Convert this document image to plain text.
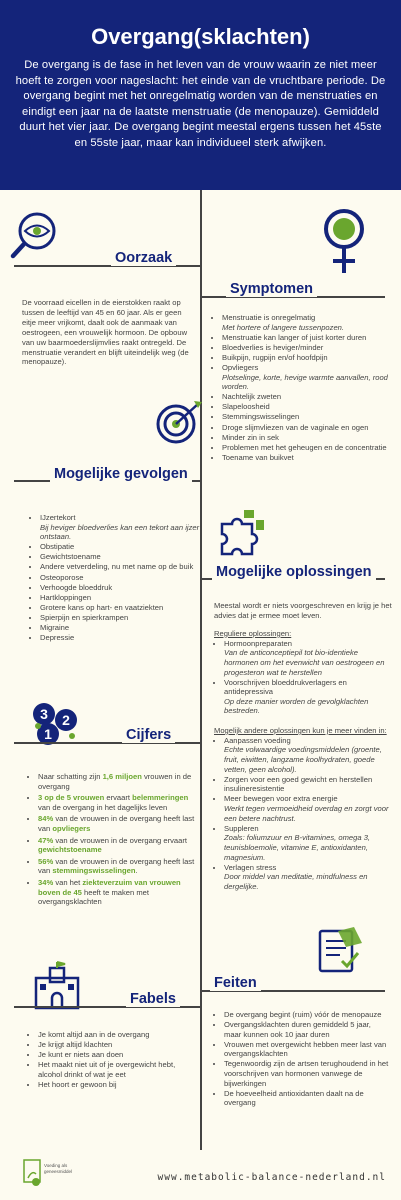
Overgang(sklachten)

De overgang is de fase in het leven van de vrouw waarin ze niet meer hoeft te zorgen voor nageslacht: het einde van de vruchtbare periode. De overgang begint met het onregelmatig worden van de menstruaties en eindigt een jaar na de laatste menstruatie (de menopauze). Gemiddeld duurt het vier jaar. De overgang begint meestal ergens tussen het 45ste en 55ste jaar, maar kan individueel sterk afwijken.

Oorzaak
De voorraad eicellen in de eierstokken raakt op tussen de leeftijd van 45 en 60 jaar. Als er geen eitje meer vrijkomt, daalt ook de aanmaak van oestrogeen, een vrouwelijk hormoon. De opbouw van uw baarmoederslijmvlies raakt ontregeld. De menstruatie verandert en blijft uiteindelijk weg (de menopauze).
Symptomen
• Menstruatie is onregelmatig
Met hortere of langere tussenpozen.
• Menstruatie kan langer of juist korter duren
• Bloedverlies is heviger/minder
• Buikpijn, rugpijn en/of hoofdpijn
• Opvliegers
Plotselinge, korte, hevige warmte aanvallen, rood worden.
• Nachtelijk zweten
• Slapeloosheid
• Stemmingswisselingen
• Droge slijmvliezen van de vaginale en ogen
• Minder zin in sek
• Problemen met het geheugen en de concentratie
• Toename van buikvet
Mogelijke gevolgen
• IJzertekort
Bij heviger bloedverlies kan een tekort aan ijzer ontstaan.
• Obstipatie
• Gewichtstoename
• Andere vetverdeling, nu met name op de buik
• Osteoporose
• Verhoogde bloeddruk
• Hartkloppingen
• Grotere kans op hart- en vaatziekten
• Spierpijn en spierkrampen
• Migraine
• Depressie
Mogelijke oplossingen
Meestal wordt er niets voorgeschreven en krijg je het advies dat je ermee moet leven.
Reguliere oplossingen:
• Hormoonpreparaten
Van de anticonceptiepil tot bio-identieke hormonen om het evenwicht van oestrogeen en progesteron wat te herstellen
• Voorschrijven bloeddrukverlagers en antidepressiva
Op deze manier worden de gevolgklachten bestreden.
Mogelijk andere oplossingen kun je meer vinden in:
• Aanpassen voeding
Echte volwaardige voedingsmiddelen (groente, fruit, eiwitten, langzame koolhydraten, goede vetten, geen alcohol).
• Zorgen voor een goed gewicht en herstellen insulineresistentie
• Meer bewegen voor extra energie
Werkt tegen vermoeidheid overdag en zorgt voor een betere nachtrust.
• Suppleren
Zoals: foliumzuur en B-vitamines, omega 3, teunisbloemolie, vitamine E, antioxidanten, magnesium.
• Verlagen stress
Door middel van meditatie, mindfulness en dergelijke.
3 2
1	Cijfers
• Naar schatting zijn 1,6 miljoen vrouwen in de overgang
• 3 op de 5 vrouwen ervaart belemmeringen van de overgang in het dagelijks leven
• 84% van de vrouwen in de overgang heeft last van opvliegers
• 47% van de vrouwen in de overgang ervaart gewichtstoename
• 56% van de vrouwen in de overgang heeft last van stemmingswisselingen.
• 34% van het ziekteverzuim van vrouwen boven de 45 heeft te maken met overgangsklachten
Feiten
• De overgang begint (ruim) vóór de menopauze
• Overgangsklachten duren gemiddeld 5 jaar, maar kunnen ook 10 jaar duren
• Vrouwen met overgewicht hebben meer last van overgangsklachten
• Tegenwoordig zijn de artsen terughoudend in het voorschrijven van hormonen vanwege de bijwerkingen
• De hoeveelheid antioxidanten daalt na de overgang
Fabels
• Je komt altijd aan in de overgang
• Je krijgt altijd klachten
• Je kunt er niets aan doen
• Het maakt niet uit of je overgewicht hebt, alcohol drinkt of wat je eet
• Het hoort er gewoon bij
Voeding als geneesmiddel
www.metabolic-balance-nederland.nl
